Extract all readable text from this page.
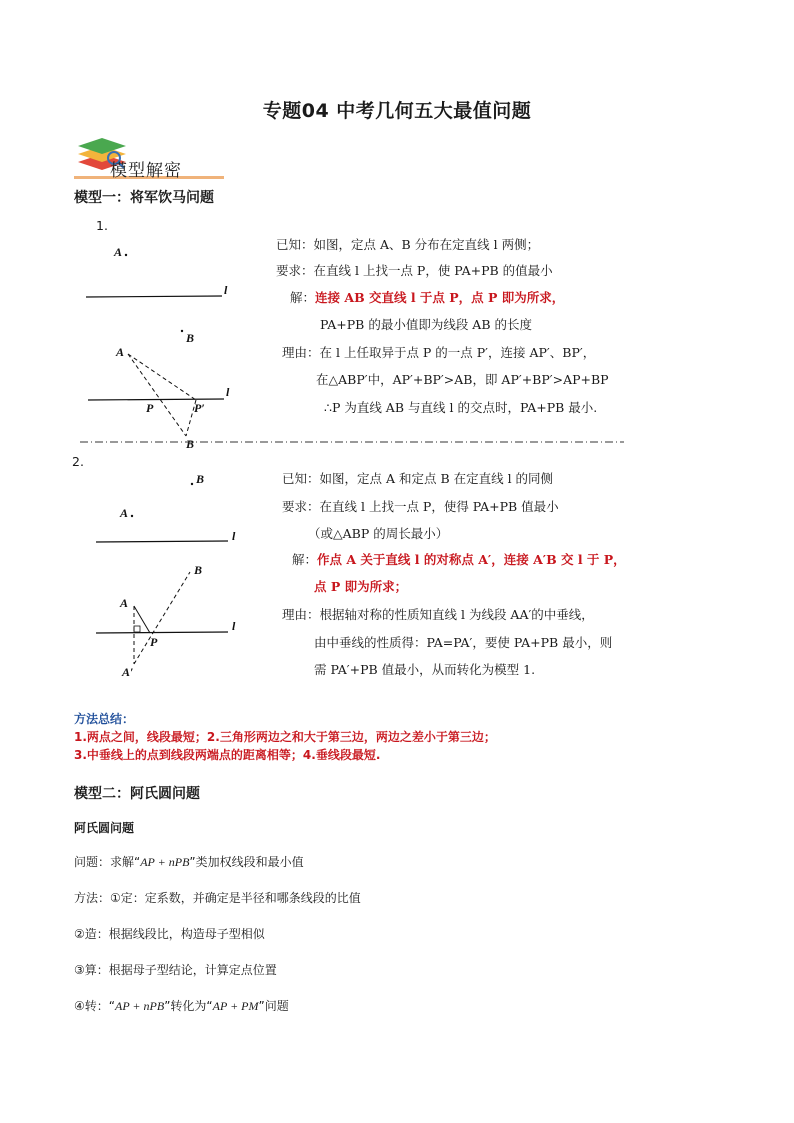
专题04 中考几何五大最值问题
模型解密
模型一：将军饮马问题
1.
A
l
B
A
l
P	P′
B
已知：如图，定点 A、B 分布在定直线 l 两侧；
要求：在直线 l 上找一点 P，使 PA+PB 的值最小
解：连接 AB 交直线 l 于点 P，点 P 即为所求，
PA+PB 的最小值即为线段 AB 的长度
理由：在 l 上任取异于点 P 的一点 P′，连接 AP′、BP′，
在△ABP′中，AP′+BP′>AB，即 AP′+BP′>AP+BP
∴P 为直线 AB 与直线 l 的交点时，PA+PB 最小.
2.
B
A
l
B
A
P
l
A′
已知：如图，定点 A 和定点 B 在定直线 l 的同侧
要求：在直线 l 上找一点 P，使得 PA+PB 值最小
（或△ABP 的周长最小）
解：作点 A 关于直线 l 的对称点 A′，连接 A′B 交 l 于 P，
点 P 即为所求；
理由：根据轴对称的性质知直线 l 为线段 AA′的中垂线，
由中垂线的性质得：PA=PA′，要使 PA+PB 最小，则
需 PA′+PB 值最小，从而转化为模型 1.
方法总结：
1.两点之间，线段最短；2.三角形两边之和大于第三边，两边之差小于第三边；
3.中垂线上的点到线段两端点的距离相等；4.垂线段最短.
模型二：阿氏圆问题
阿氏圆问题
问题：求解“AP + nPB”类加权线段和最小值
方法：①定：定系数，并确定是半径和哪条线段的比值
②造：根据线段比，构造母子型相似
③算：根据母子型结论，计算定点位置
④转：“AP + nPB”转化为“AP + PM”问题
